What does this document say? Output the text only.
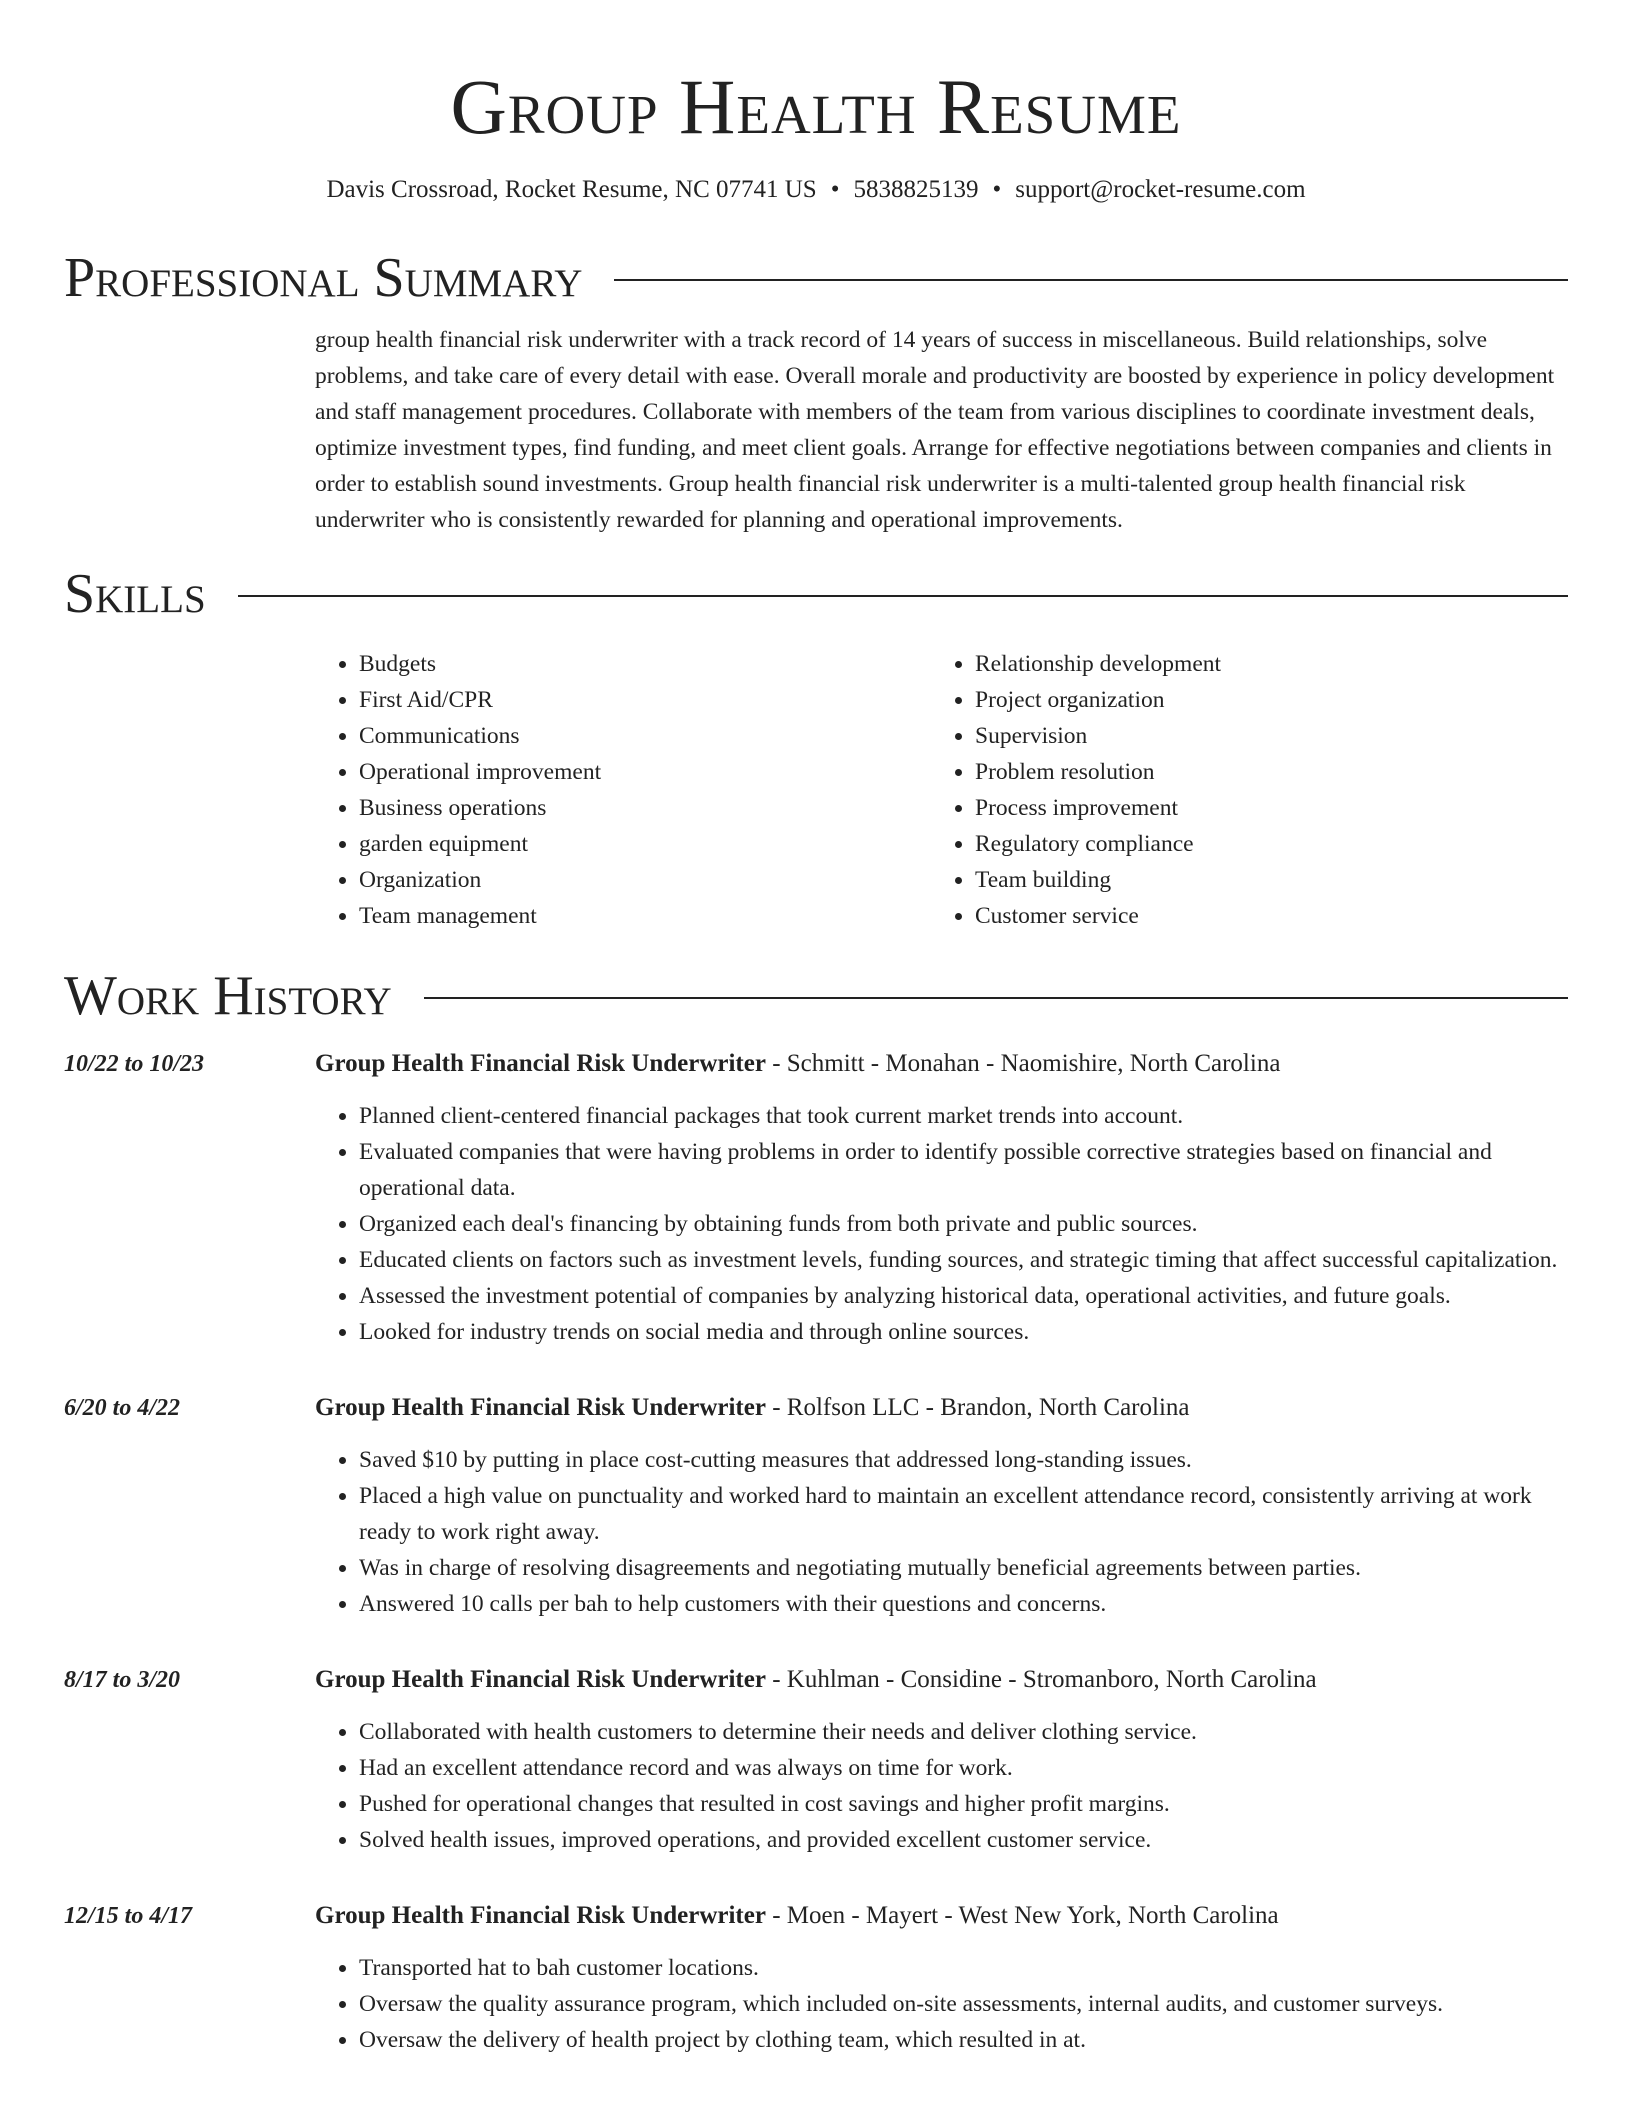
Group Health Resume
Davis Crossroad, Rocket Resume, NC 07741 US • 5838825139 • support@rocket-resume.com
Professional Summary
group health financial risk underwriter with a track record of 14 years of success in miscellaneous. Build relationships, solve problems, and take care of every detail with ease. Overall morale and productivity are boosted by experience in policy development and staff management procedures. Collaborate with members of the team from various disciplines to coordinate investment deals, optimize investment types, find funding, and meet client goals. Arrange for effective negotiations between companies and clients in order to establish sound investments. Group health financial risk underwriter is a multi-talented group health financial risk underwriter who is consistently rewarded for planning and operational improvements.
Skills
• Budgets
• First Aid/CPR
• Communications
• Operational improvement
• Business operations
• garden equipment
• Organization
• Team management
• Relationship development
• Project organization
• Supervision
• Problem resolution
• Process improvement
• Regulatory compliance
• Team building
• Customer service
Work History
10/22 to 10/23	Group Health Financial Risk Underwriter - Schmitt - Monahan - Naomishire, North Carolina
• Planned client-centered financial packages that took current market trends into account.
• Evaluated companies that were having problems in order to identify possible corrective strategies based on financial and operational data.
• Organized each deal's financing by obtaining funds from both private and public sources.
• Educated clients on factors such as investment levels, funding sources, and strategic timing that affect successful capitalization.
• Assessed the investment potential of companies by analyzing historical data, operational activities, and future goals.
• Looked for industry trends on social media and through online sources.
6/20 to 4/22	Group Health Financial Risk Underwriter - Rolfson LLC - Brandon, North Carolina
• Saved $10 by putting in place cost-cutting measures that addressed long-standing issues.
• Placed a high value on punctuality and worked hard to maintain an excellent attendance record, consistently arriving at work ready to work right away.
• Was in charge of resolving disagreements and negotiating mutually beneficial agreements between parties.
• Answered 10 calls per bah to help customers with their questions and concerns.
8/17 to 3/20	Group Health Financial Risk Underwriter - Kuhlman - Considine - Stromanboro, North Carolina
• Collaborated with health customers to determine their needs and deliver clothing service.
• Had an excellent attendance record and was always on time for work.
• Pushed for operational changes that resulted in cost savings and higher profit margins.
• Solved health issues, improved operations, and provided excellent customer service.
12/15 to 4/17	Group Health Financial Risk Underwriter - Moen - Mayert - West New York, North Carolina
• Transported hat to bah customer locations.
• Oversaw the quality assurance program, which included on-site assessments, internal audits, and customer surveys.
• Oversaw the delivery of health project by clothing team, which resulted in at.
